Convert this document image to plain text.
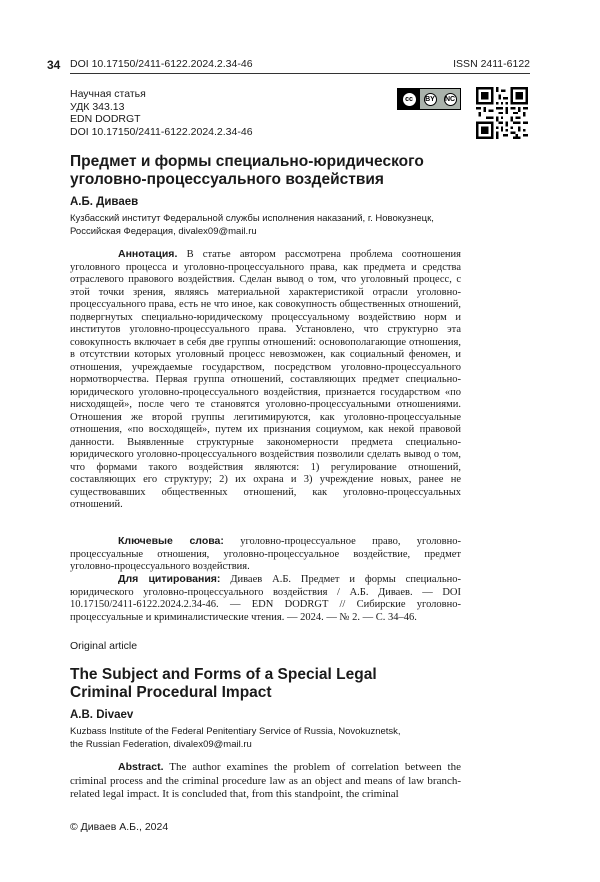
34 DOI 10.17150/2411-6122.2024.2.34-46	ISSN 2411-6122
Научная статья
УДК 343.13
EDN DODRGT
DOI 10.17150/2411-6122.2024.2.34-46
cc	BY NC
Предмет и формы специально-юридического
уголовно-процессуального воздействия
А.Б. Диваев
Кузбасский институт Федеральной службы исполнения наказаний, г. Новокузнецк,
Российская Федерация, divalex09@mail.ru

Аннотация. В статье автором рассмотрена проблема соотношения уголовного процесса и уголовно-процессуального права, как предмета и средства отраслевого правового воздействия. Сделан вывод о том, что уголовный процесс, с этой точки зрения, являясь материальной характеристикой отрасли уголовно-процессуального права, есть не что иное, как совокупность общественных отношений, подвергнутых специально-юридическому процессуальному воздействию норм и институтов уголовно-процессуального права. Установлено, что структурно эта совокупность включает в себя две группы отношений: основополагающие отношения, в отсутствии которых уголовный процесс невозможен, как социальный феномен, и отношения, учреждаемые государством, посредством уголовно-процессуального нормотворчества. Первая группа отношений, составляющих предмет специально-юридического уголовно-процессуального воздействия, признается государством «по нисходящей», после чего те становятся уголовно-процессуальными отношениями. Отношения же второй группы легитимируются, как уголовно-процессуальные отношения, «по восходящей», путем их признания социумом, как некой правовой данности. Выявленные структурные закономерности предмета специально-юридического уголовно-процессуального воздействия позволили сделать вывод о том, что формами такого воздействия являются: 1) регулирование отношений, составляющих его структуру; 2) их охрана и 3) учреждение новых, ранее не существовавших общественных отношений, как уголовно-процессуальных отношений.

Ключевые слова: уголовно-процессуальное право, уголовно-процессуальные отношения, уголовно-процессуальное воздействие, предмет уголовно-процессуального воздействия.

Для цитирования: Диваев А.Б. Предмет и формы специально-юридического уголовно-процессуального воздействия / А.Б. Диваев. — DOI 10.17150/2411-6122.2024.2.34-46. — EDN DODRGT // Сибирские уголовно-процессуальные и криминалистические чтения. — 2024. — № 2. — С. 34–46.

Original article
The Subject and Forms of a Special Legal
Criminal Procedural Impact
A.B. Divaev
Kuzbass Institute of the Federal Penitentiary Service of Russia, Novokuznetsk,
the Russian Federation, divalex09@mail.ru

Abstract. The author examines the problem of correlation between the criminal process and the criminal procedure law as an object and means of law branch-related legal impact. It is concluded that, from this standpoint, the criminal

© Диваев А.Б., 2024
